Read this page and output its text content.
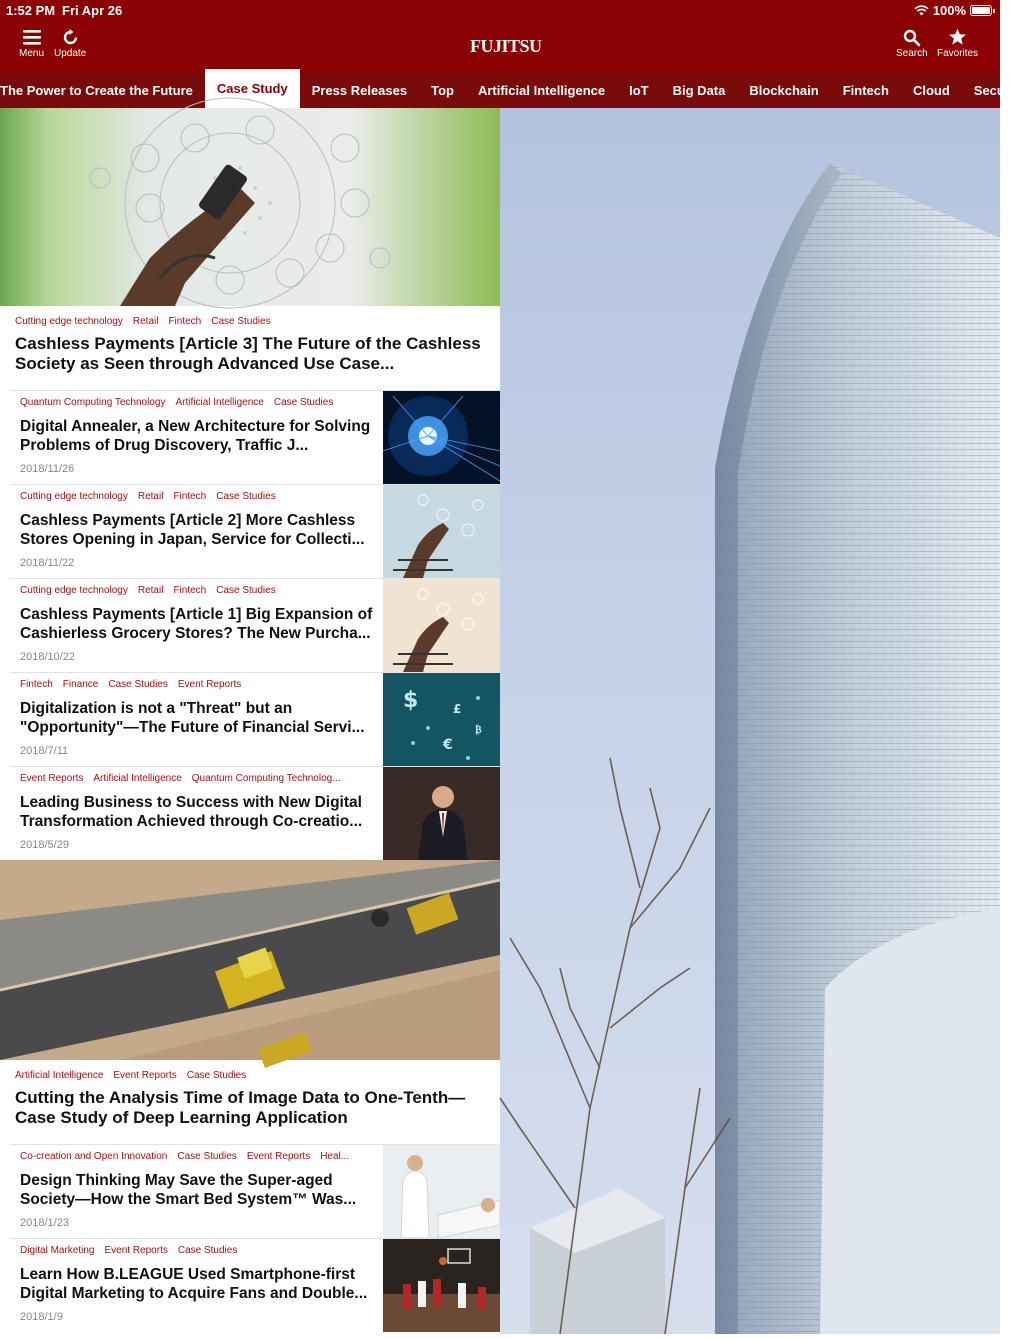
1:52 PM Fri Apr 26	100%
Menu Update	FUJITSU	Search Favorites
The Power to Create the Future	Case Study	Press Releases	Top	Artificial Intelligence	IoT	Big Data	Blockchain	Fintech	Cloud	Securi
Cutting edge technology Retail Fintech Case Studies
Cashless Payments [Article 3] The Future of the Cashless Society as Seen through Advanced Use Case...
Quantum Computing Technology Artificial Intelligence Case Studies
Digital Annealer, a New Architecture for Solving Problems of Drug Discovery, Traffic J...
2018/11/26
Cutting edge technology Retail Fintech Case Studies
Cashless Payments [Article 2] More Cashless Stores Opening in Japan, Service for Collecti...
2018/11/22
Cutting edge technology Retail Fintech Case Studies
Cashless Payments [Article 1] Big Expansion of Cashierless Grocery Stores? The New Purcha...
2018/10/22
Fintech Finance Case Studies Event Reports
Digitalization is not a "Threat" but an "Opportunity"—The Future of Financial Servi...
2018/7/11
$	£
€
₿
Event Reports Artificial Intelligence Quantum Computing Technolog...
Leading Business to Success with New Digital Transformation Achieved through Co-creatio...
2018/5/29
Artificial Intelligence Event Reports Case Studies
Cutting the Analysis Time of Image Data to One-Tenth—Case Study of Deep Learning Application
Co-creation and Open Innovation Case Studies Event Reports Heal...
Design Thinking May Save the Super-aged Society—How the Smart Bed System™ Was...
2018/1/23
Digital Marketing Event Reports Case Studies
Learn How B.LEAGUE Used Smartphone-first Digital Marketing to Acquire Fans and Double...
2018/1/9
